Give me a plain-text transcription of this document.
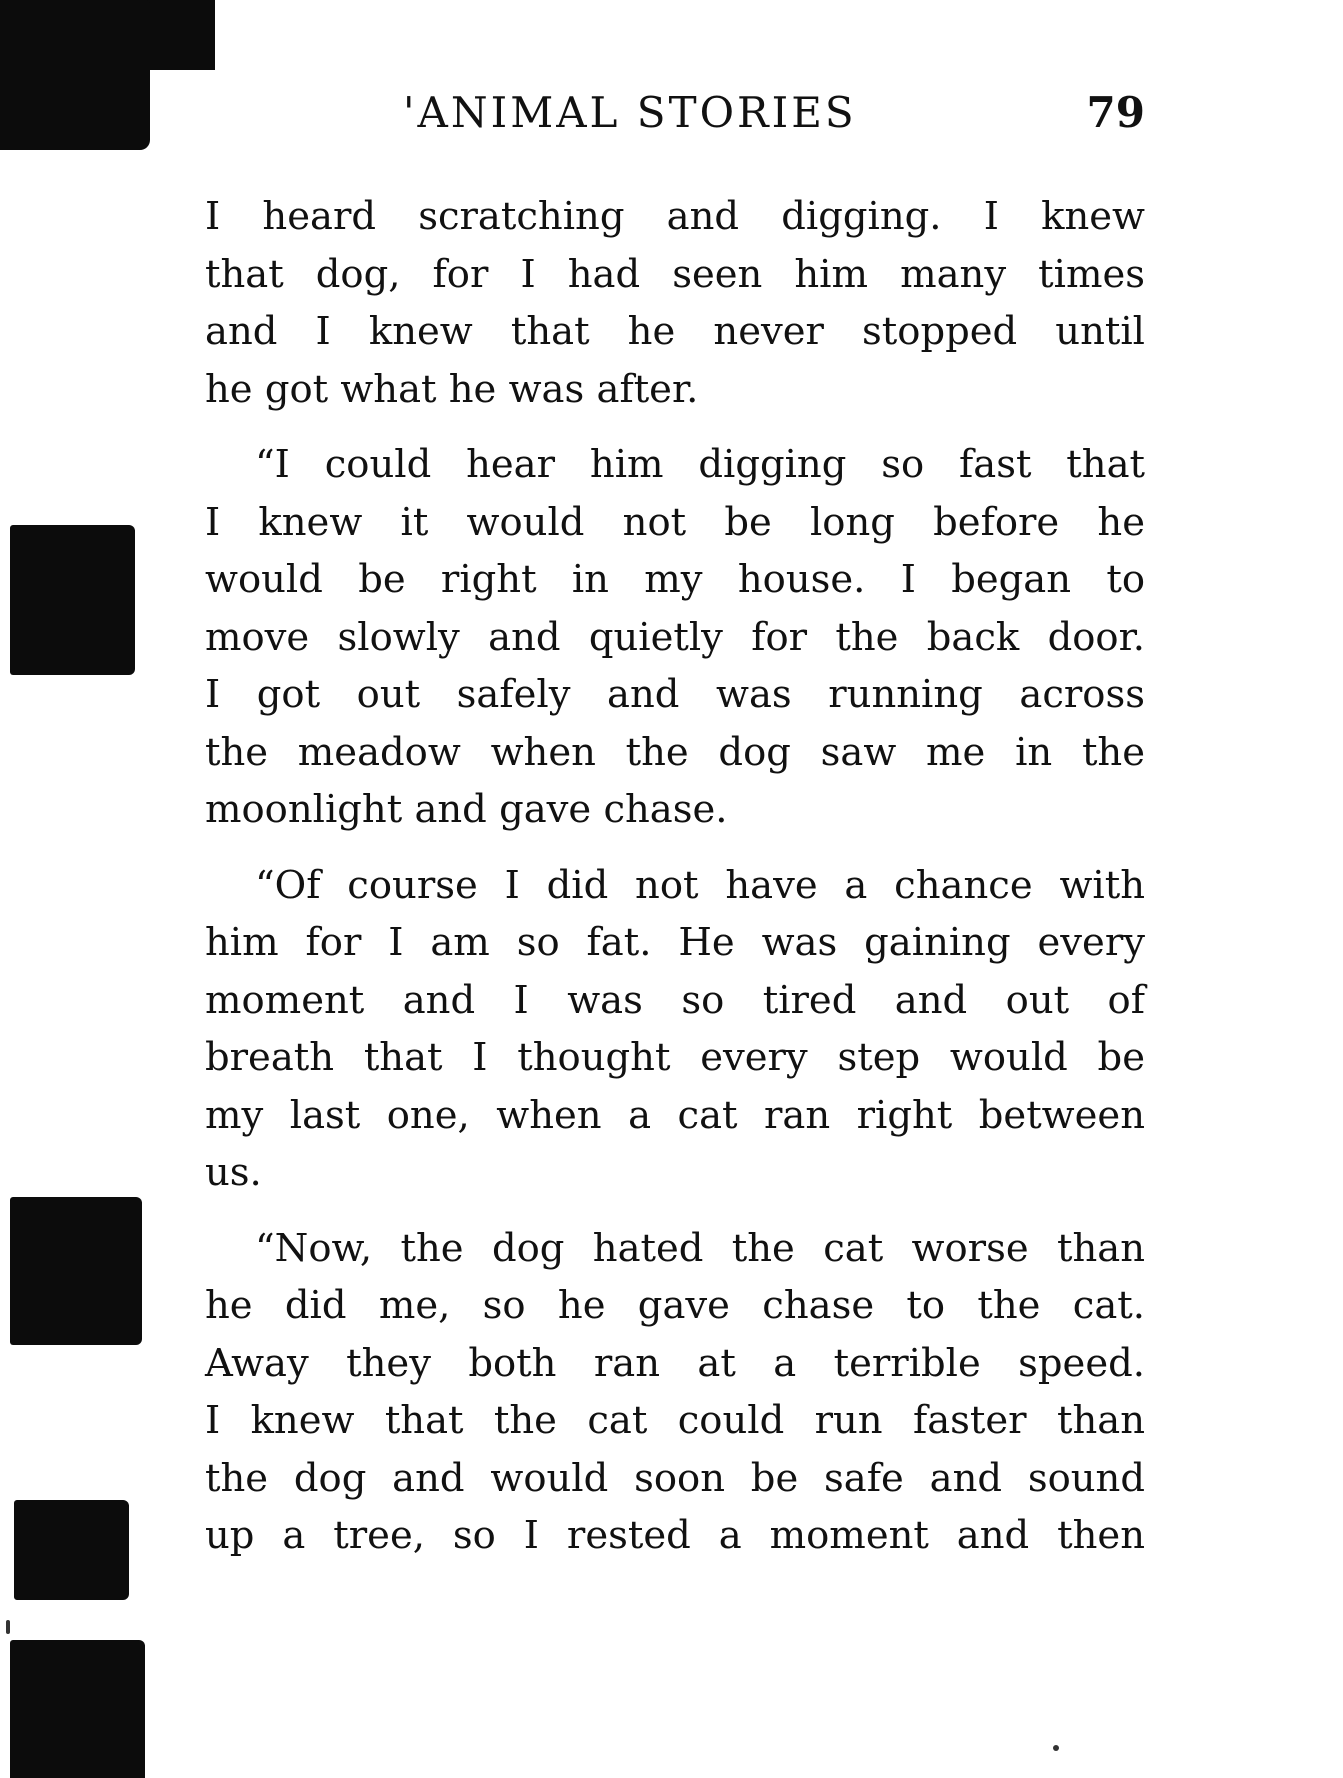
'ANIMAL STORIES	79
I heard scratching and digging. I knew
that dog, for I had seen him many times
and I knew that he never stopped until
he got what he was after.
“I could hear him digging so fast that
I knew it would not be long before he
would be right in my house. I began to
move slowly and quietly for the back door.
I got out safely and was running across
the meadow when the dog saw me in the
moonlight and gave chase.
“Of course I did not have a chance with
him for I am so fat. He was gaining every
moment and I was so tired and out of
breath that I thought every step would be
my last one, when a cat ran right between
us.
“Now, the dog hated the cat worse than
he did me, so he gave chase to the cat.
Away they both ran at a terrible speed.
I knew that the cat could run faster than
the dog and would soon be safe and sound
up a tree, so I rested a moment and then
